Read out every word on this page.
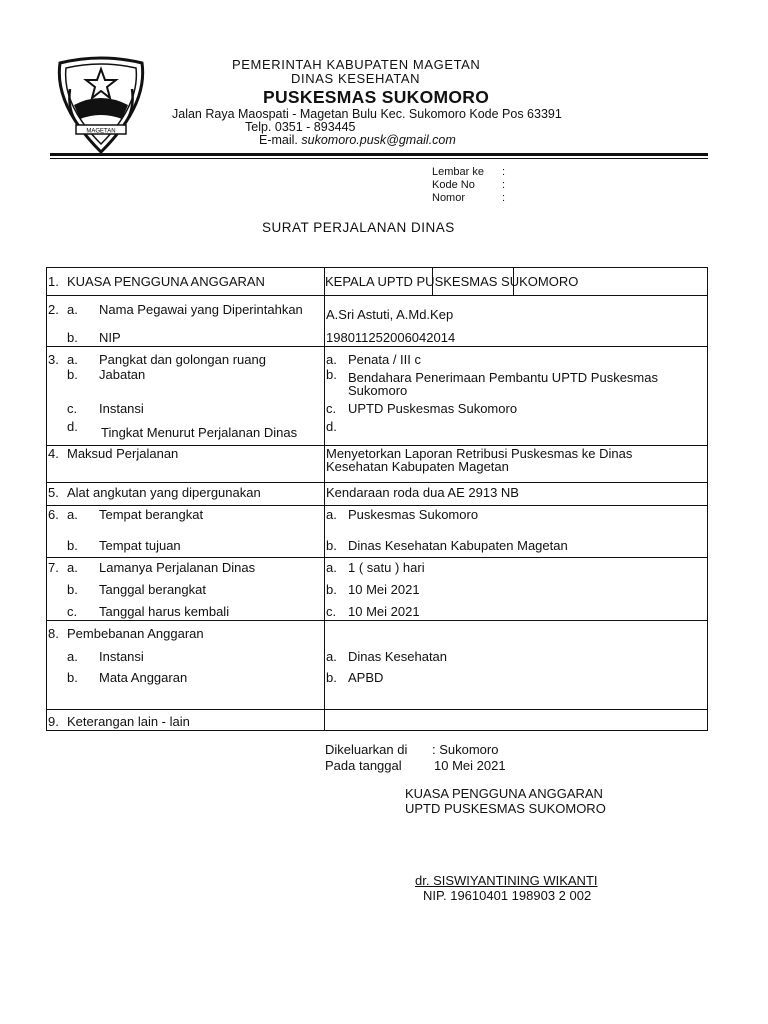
MAGETAN
PEMERINTAH KABUPATEN MAGETAN
DINAS KESEHATAN
PUSKESMAS SUKOMORO
Jalan Raya Maospati - Magetan Bulu Kec. Sukomoro Kode Pos 63391
Telp. 0351 - 893445
E-mail. sukomoro.pusk@gmail.com
Lembar ke :
Kode No :
Nomor	:
SURAT PERJALANAN DINAS
1. KUASA PENGGUNA ANGGARAN	KEPALA UPTD PUSKESMAS SUKOMORO
2. a. Nama Pegawai yang Diperintahkan A.Sri Astuti, A.Md.Kep
b. NIP	198011252006042014
3. a. Pangkat dan golongan ruang	a. Penata / III c
b. Jabatan	b. Bendahara Penerimaan Pembantu UPTD Puskesmas
Sukomoro
c. Instansi	c. UPTD Puskesmas Sukomoro
d. Tingkat Menurut Perjalanan Dinas d.
4. Maksud Perjalanan	Menyetorkan Laporan Retribusi Puskesmas ke Dinas
Kesehatan Kabupaten Magetan
5. Alat angkutan yang dipergunakan	Kendaraan roda dua AE 2913 NB
6. a. Tempat berangkat	a. Puskesmas Sukomoro
b. Tempat tujuan	b. Dinas Kesehatan Kabupaten Magetan
7. a. Lamanya Perjalanan Dinas	a. 1 ( satu ) hari
b. Tanggal berangkat	b. 10 Mei 2021
c. Tanggal harus kembali	c. 10 Mei 2021
8. Pembebanan Anggaran
a. Instansi	a. Dinas Kesehatan
b. Mata Anggaran	b. APBD
9. Keterangan lain - lain
Dikeluarkan di : Sukomoro
Pada tanggal 10 Mei 2021
KUASA PENGGUNA ANGGARAN
UPTD PUSKESMAS SUKOMORO
dr. SISWIYANTINING WIKANTI
NIP. 19610401 198903 2 002
